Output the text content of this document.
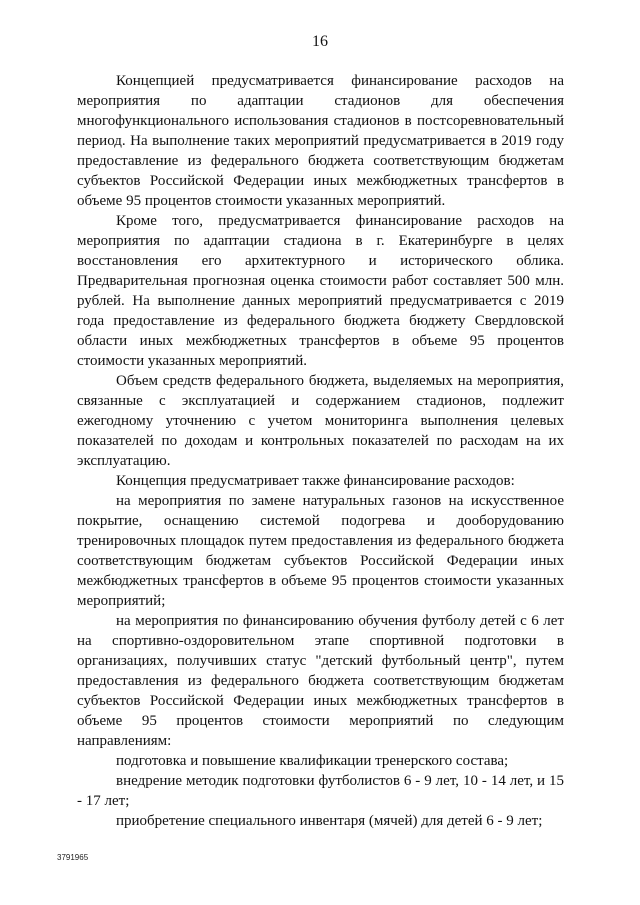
16

Концепцией предусматривается финансирование расходов на мероприятия по адаптации стадионов для обеспечения многофункционального использования стадионов в постсоревновательный период. На выполнение таких мероприятий предусматривается в 2019 году предоставление из федерального бюджета соответствующим бюджетам субъектов Российской Федерации иных межбюджетных трансфертов в объеме 95 процентов стоимости указанных мероприятий.

Кроме того, предусматривается финансирование расходов на мероприятия по адаптации стадиона в г. Екатеринбурге в целях восстановления его архитектурного и исторического облика. Предварительная прогнозная оценка стоимости работ составляет 500 млн. рублей. На выполнение данных мероприятий предусматривается с 2019 года предоставление из федерального бюджета бюджету Свердловской области иных межбюджетных трансфертов в объеме 95 процентов стоимости указанных мероприятий.

Объем средств федерального бюджета, выделяемых на мероприятия, связанные с эксплуатацией и содержанием стадионов, подлежит ежегодному уточнению с учетом мониторинга выполнения целевых показателей по доходам и контрольных показателей по расходам на их эксплуатацию.

Концепция предусматривает также финансирование расходов:

на мероприятия по замене натуральных газонов на искусственное покрытие, оснащению системой подогрева и дооборудованию тренировочных площадок путем предоставления из федерального бюджета соответствующим бюджетам субъектов Российской Федерации иных межбюджетных трансфертов в объеме 95 процентов стоимости указанных мероприятий;

на мероприятия по финансированию обучения футболу детей с 6 лет на спортивно-оздоровительном этапе спортивной подготовки в организациях, получивших статус "детский футбольный центр", путем предоставления из федерального бюджета соответствующим бюджетам субъектов Российской Федерации иных межбюджетных трансфертов в объеме 95 процентов стоимости мероприятий по следующим направлениям:

подготовка и повышение квалификации тренерского состава;

внедрение методик подготовки футболистов 6 - 9 лет, 10 - 14 лет, и 15 - 17 лет;

приобретение специального инвентаря (мячей) для детей 6 - 9 лет;

3791965
